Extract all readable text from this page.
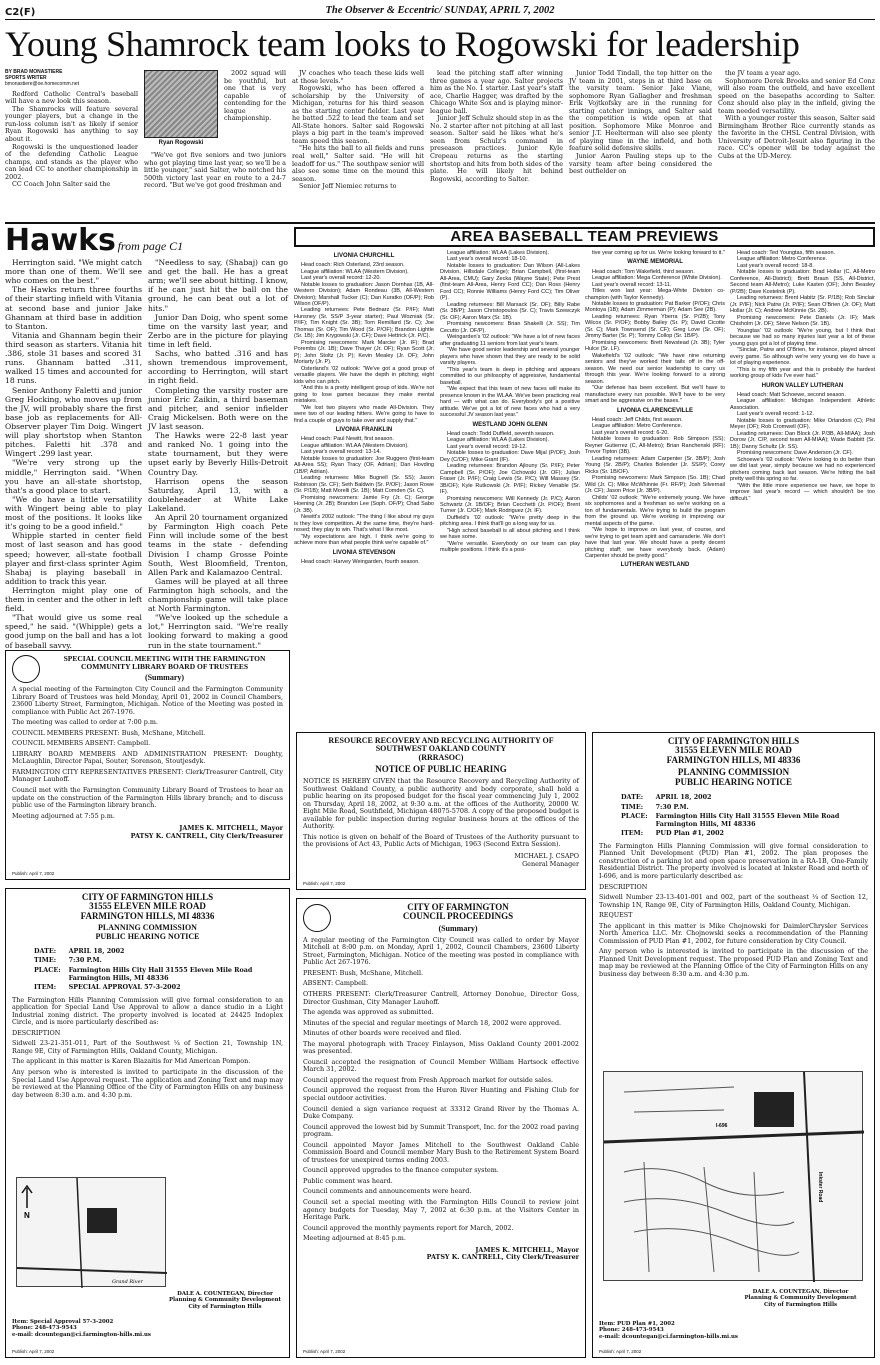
C2(F)	The Observer & Eccentric/ SUNDAY, APRIL 7, 2002
Young Shamrock team looks to Rogowski for leadership
BY BRAD MONASTIERE
SPORTS WRITER
bmonastiere@oe.homecomm.net

Redford Catholic Central's baseball will have a new look this season.

The Shamrocks will feature several younger players, but a change in the run-loss column isn't as likely if senior Ryan Rogowski has anything to say about it.

Rogowski is the unquestioned leader of the defending Catholic League champs, and stands as the player who can lead CC to another championship in 2002.

CC Coach John Salter said the

Ryan Rogowski

2002 squad will be youthful, but one that is very capable of contending for the league championship.

"We've got five seniors and two juniors who got playing time last year, so we'll be a little younger," said Salter, who notched his 500th victory last year en route to a 24-7 record. "But we've got good freshman and

JV coaches who teach these kids well at those levels."

Rogowski, who has been offered a scholarship by the University of Michigan, returns for his third season as the starting center fielder. Last year he batted .522 to lead the team and set All-State honors. Salter said Rogowski plays a big part in the team's improved team speed this season.

"He hits the ball to all fields and runs real well," Salter said. "He will hit leadoff for us." The southpaw senior will also see some time on the mound this season.

Senior Jeff Niemiec returns to

lead the pitching staff after winning three games a year ago. Salter projects him as the No. 1 starter. Last year's staff ace, Charlie Hagger, was drafted by the Chicago White Sox and is playing minor-league ball.

Junior Jeff Schulz should step in as the No. 2 starter after not pitching at all last season. Salter said he likes what he's seen from Schulz's command in preseason practices. Junior Kyle Crepeau returns as the starting shortstop and hits from both sides of the plate. He will likely hit behind Rogowski, according to Salter.

Junior Todd Tindall, the top hitter on the JV team in 2001, steps in at third base on the varsity team. Senior Jake Viane, sophomore Ryan Gallagher and freshman Erik Vojtkofsky are in the running for starting catcher innings, and Salter said the competition is wide open at that position. Sophomore Mike Monroe and senior J.T. Heelterman will also see plenty of playing time in the infield, and both feature solid defensive skills.

Junior Aaron Pauling steps up to the varsity team after being considered the best outfielder on

the JV team a year ago.

Sophomore Derek Brooks and senior Ed Conz will also roam the outfield, and have excellent speed on the basepaths according to Salter. Conz should also play in the infield, giving the team needed versatility.

With a younger roster this season, Salter said Birmingham Brother Rice currently stands as the favorite in the CHSL Central Division, with University of Detroit-Jesuit also figuring in the race. CC's opener will be today against the Cubs at the UD-Mercy.

Hawks from page C1

Herrington said. "We might catch more than one of them. We'll see who comes on the best."

The Hawks return three fourths of their starting infield with Vitania at second base and junior Jake Ghannam at third base in addition to Stanton.

Vitania and Ghannam begin their third season as starters. Vitania hit .386, stole 31 bases and scored 31 runs. Ghannam batted .311, walked 15 times and accounted for 18 runs.

Senior Anthony Faletti and junior Greg Hocking, who moves up from the JV, will probably share the first base job as replacements for All-Observer player Tim Doig. Wingert will play shortstop when Stanton pitches. Faletti hit .378 and Wingert .299 last year.

"We're very strong up the middle," Herrington said. "When you have an all-state shortstop, that's a good place to start.

"We do have a little versatility with Wingert being able to play most of the positions. It looks like it's going to be a good infield."

Whipple started in center field most of last season and has good speed; however, all-state football player and first-class sprinter Agim Shabaj is playing baseball in addition to track this year.

Herrington might play one of them in center and the other in left field.

"That would give us some real speed," he said. "(Whipple) gets a good jump on the ball and has a lot of baseball savvy.

"Needless to say, (Shabaj) can go and get the ball. He has a great arm; we'll see about hitting. I know, if he can just hit the ball on the ground, he can beat out a lot of hits."

Junior Dan Doig, who spent some time on the varsity last year, and Zerbo are in the picture for playing time in left field.

Sachs, who batted .316 and has shown tremendous improvement, according to Herrington, will start in right field.

Completing the varsity roster are junior Eric Zaikin, a third baseman and pitcher, and senior infielder Craig Mickelsen. Both were on the JV last season.

The Hawks were 22-8 last year and ranked No. 1 going into the state tournament, but they were upset early by Beverly Hills-Detroit Country Day.

Harrison opens the season Saturday, April 13, with a doubleheader at White Lake Lakeland.

An April 20 tournament organized by Farmington High coach Pete Finn will include some of the best teams in the state - defending Division I champ Grosse Pointe South, West Bloomfield, Trenton, Allen Park and Kalamazoo Central.

Games will be played at all three Farmington high schools, and the championship game will take place at North Farmington.

"We've looked up the schedule a lot," Herrington said. "We're really looking forward to making a good run in the state tournament."

AREA BASEBALL TEAM PREVIEWS
LIVONIA CHURCHILL

Head coach: Rich Osterland, 23rd season.

League affiliation: WLAA (Western Division).

Last year's overall record: 12-20.

Notable losses to graduation: Jason Dornhas (1B, All-Western Division); Adam Rondeau (3B, All-Western Division); Marshall Tucker (C); Dan Kuratko (OF/P); Rob Wilson (OF/P).

Leading returnees: Pete Bednarz (Sr. P/IF); Matt Hunsney (Sr. SS/P 3-year starter); Paul Wozniak (Sr. P/IF); Tim Knight (Sr. 3B); Tom Remillard (Sr. C); Joe Thomas (Sr. OF); Tim Wood (Sr. P/OF); Brandon Lightle (Sr. 1B); Jim Krygowski (Jr. CF); Dave Hettrick (Jr. P/C).

Promising newcomers: Mark Marcier (Jr. IF); Brad Porembs (Jr. 1B); Dave Thayer (Jr. OF); Ryan Scott (Jr. P); John Stoltz (Jr. P); Kevin Mealey (Jr. OF); John Moriarty (Jr. P).

Osterland's '02 outlook: "We've got a good group of versatile players. We have the depth in pitching; eight kids who can pitch.

"And this is a pretty intelligent group of kids. We're not going to lose games because they make mental mistakes.

"We lost two players who made All-Division. They were two of our leading hitters. We're going to have to find a couple of guys to take over and supply that."

LIVONIA FRANKLIN

Head coach: Paul Newitt, first season.

League affiliation: WLAA (Western Division).

Last year's overall record: 13-14.

Notable losses to graduation: Joe Ruggero (first-team All-Area SS); Ryan Tracy (OF, Adrian); Dan Hovding (1B/P, Adrian).

Leading returnees: Mike Bugnell (Sr. SS); Jason Robinson (Sr. CF); Seth Baldwin (Sr. P/OF); Jason Rowe (Sr. P/1B); Matt Morelli (Sr. 1B); Matt Comden (Sr. C).

Promising newcomers: Jamie Fry (Jr. C); George Hoening (Jr. 2B); Brandon Lee (Soph. OF/P); Chad Sabo (Jr. 3B).

Newitt's 2002 outlook: "The thing I like about my guys is they love competition. At the same time, they're hard-nosed; they play to win. That's what I like most.

"My expectations are high. I think we're going to achieve more than what people think we're capable of."

LIVONIA STEVENSON

Head coach: Harvey Weingarden, fourth season.

League affiliation: WLAA (Lakes Division).

Last year's overall record: 18-10.

Notable losses to graduation: Dan Wilson (All-Lakes Division, Hillsdale College); Brian Campbell, (first-team All-Area, CMU); Gary Zecka (Wayne State); Pete Prest (first-team All-Area, Henry Ford CC); Dan Ross (Henry Ford CC); Ronnie Williams (Henry Ford CC); Tim Oliver (P).

Leading returnees: Bill Marsack (Sr. OF); Billy Rabe (Sr. 3B/P); Jason Christopoulos (Sr. C); Travis Szewczyk (Sr. OF); Aaron Marx (Sr. 1B).

Promising newcomers: Brian Shakelli (Jr. SS); Tim Cecutto (Jr. OF/P).

Weingarden's '02 outlook: "We have a lot of new faces after graduating 11 seniors from last year's team.

"We have good senior leadership and several younger players who have shown that they are ready to be solid varsity players.

"This year's team is deep in pitching and appears committed to our philosophy of aggressive, fundamental baseball.

"We expect that this team of new faces will make its presence known in the WLAA. We've been practicing real hard — with what can do. Everybody's got a positive attitude. We've got a lot of new faces who had a very successful JV season last year."

WESTLAND JOHN GLENN

Head coach: Todd Duffield, seventh season.

League affiliation: WLAA (Lakes Division).

Last year's overall record: 19-12.

Notable losses to graduation: Dave Mijal (P/OF); Josh Dey (C/OF); Mike Grant (IF).

Leading returnees: Brandon Ajlouny (Sr. P/IF); Peter Campbell (Sr. P/OF); Joe Cichowski (Jr. OF); Julian Fraser (Jr. P/IF); Craig Lewis (Sr. P/C); Will Massey (Sr. 3B/OF); Kyle Rutkowski (Jr. P/IF); Rickey Venable (Sr. IF).

Promising newcomers: Will Kennedy (Jr. P/C); Aaron Schwartz (Jr. 1B/OF); Brian Cecchetti (Jr. P/OF); Brent Turner (Jr. C/OF); Mark Rodriguez (Jr. IF).

Duffield's '02 outlook: "We're pretty deep in the pitching area. I think that'll go a long way for us.

"High school baseball is all about pitching and I think we have some.

"We're versatile. Everybody on our team can play multiple positions. I think it's a posi-

tive year coming up for us. We're looking forward to it."

WAYNE MEMORIAL

Head coach: Tom Wakefield, third season.

League affiliation: Mega Conference (White Division).

Last year's overall record: 13-11.

Titles won last year: Mega-White Division co-champion (with Taylor Kennedy).

Notable losses to graduation: Pat Barker (P/OF); Chris Montoya (1B); Adam Zimmerman (P); Adam See (2B).

Leading returnees: Ryan Yberra (Sr. P/2B); Tony Wilcox (Sr. P/OF); Bobby Bailey (Sr. P); David Cicotte (Sr. C); Mark Townsend (Sr. CF); Greg Love (Sr. OF); Jimmy Barter (Sr. P); Tommy Collop (Sr. 1B/P).

Promising newcomers: Brett Newstead (Jr. 3B); Tyler Hulce (Sr. LF).

Wakefield's '02 outlook: "We have nine returning seniors and they've worked their tails off in the off-season. We need our senior leadership to carry us through this year. We're looking forward to a strong season.

"Our defense has been excellent. But we'll have to manufacture every run possible. We'll have to be very smart and be aggressive on the bases."

LIVONIA CLARENCEVILLE

Head coach: Jeff Childs, first season.

League affiliation: Metro Conference.

Last year's overall record: 6-20.

Notable losses to graduation: Rob Simpson (SS); Reyner Gutierrez (C, All-Metro); Brian Ranchenski (RF); Trevor Tipton (3B).

Leading returnees: Adam Carpenter (Sr. 3B/P); Josh Young (Sr. 2B/P); Charles Bolender (Jr. SS/P); Corey Ricks (Sr. 1B/OF).

Promising newcomers: Mark Simpson (So. 1B); Chad Wild (Jr. C); Mike McWhinnie (Fr. RF/P); Josh Silvernail (Jr. CF); Jason Price (Jr. 3B/P).

Childs' '02 outlook: "We're extremely young. We have six sophomores and a freshman so we're working on a ton of fundamentals. We're trying to build the program from the ground up. We're working in improving our mental aspects of the game.

"We hope to improve on last year, of course, and we're trying to get team spirit and camaraderie. We don't have that last year. We should have a pretty decent pitching staff; we have everybody back. (Adam) Carpenter should be pretty good."

LUTHERAN WESTLAND

Head coach: Ted Youngtas, fifth season.

League affiliation: Metro Conference.

Last year's overall record: 18-8.

Notable losses to graduation: Brad Hollar (C, All-Metro Conference, All-District); Brett Braun (SS, All-District, Second team All-Metro); Luke Kasten (OF); John Beasley (P/2B); Dave Kostelnik (P).

Leading returnees: Brent Habitz (Sr. P/1B); Rob Sinclair (Jr. P/IF); Nick Patrw (Jr. P/IF); Sean O'Brien (Jr. OF); Matt Hollar (Jr. C); Andrew McKinnie (Sr. 2B).

Promising newcomers: Pete Daniels (Jr. IF); Mark Chisholm (Jr. OF); Steve Nelson (Sr. 1B).

Youngtas' '02 outlook: "We're young, but I think that because we had so many injuries last year a lot of these young guys got a lot of playing time.

"Sinclair, Patrw and O'Brien, for instance, played almost every game. So although we're very young we do have a lot of playing experience.

"This is my fifth year and this is probably the hardest working group of kids I've ever had."

HURON VALLEY LUTHERAN

Head coach: Matt Schoewe, second season.

League affiliation: Michigan Independent Athletic Association.

Last year's overall record: 1-12.

Notable losses to graduation: Mike Orlandoni (C); Phil Meyer (OF); Rob Cromwell (OF).

Leading returnees: Dan Block (Jr. P/3B, All-MIAA); Josh Dorow (Jr. C/P, second team All-MIAA); Wade Babbitt (Sr. 1B); Danny Schultz (Jr. SS).

Promising newcomers: Dave Anderson (Jr. CF).

Schoewe's '02 outlook: "We're looking to do better than we did last year, simply because we had no experienced pitchers coming back last season. We're hitting the ball pretty well this spring so far.

"With the little more experience we have, we hope to improve last year's record — which shouldn't be too difficult."

SPECIAL COUNCIL MEETING WITH THE FARMINGTON COMMUNITY LIBRARY BOARD OF TRUSTEES
(Summary)

A special meeting of the Farmington City Council and the Farmington Community Library Board of Trustees was held Monday, April 01, 2002 in Council Chambers, 23600 Liberty Street, Farmington, Michigan. Notice of the Meeting was posted in compliance with Public Act 267-1976.

The meeting was called to order at 7:00 p.m.

COUNCIL MEMBERS PRESENT: Bush, McShane, Mitchell.

COUNCIL MEMBERS ABSENT: Campbell.

LIBRARY BOARD MEMBERS AND ADMINISTRATION PRESENT: Doughty, McLaughlin, Director Papai, Souter, Sorenson, Stoutjesdyk.

FARMINGTON CITY REPRESENTATIVES PRESENT: Clerk/Treasurer Cantrell, City Manager Lauhoff.

Council met with the Farmington Community Library Board of Trustees to hear an update on the construction of the Farmington Hills library branch; and to discuss public use of the Farmington library branch.

Meeting adjourned at 7:55 p.m.

JAMES K. MITCHELL, Mayor
PATSY K. CANTRELL, City Clerk/Treasurer
Publish: April 7, 2002
CITY OF FARMINGTON HILLS
31555 ELEVEN MILE ROAD
FARMINGTON HILLS, MI 48336
PLANNING COMMISSION
PUBLIC HEARING NOTICE
DATE:	APRIL 18, 2002
TIME:	7:30 P.M.
PLACE:	Farmington Hills City Hall 31555 Eleven Mile Road Farmington Hills, MI 48336
ITEM:	SPECIAL APPROVAL 57-3-2002

The Farmington Hills Planning Commission will give formal consideration to an application for Special Land Use Approval to allow a dance studio in a Light Industrial zoning district. The property involved is located at 24425 Indoplex Circle, and is more particularly described as:

DESCRIPTION

Sidwell 23-21-351-011, Part of the Southwest ¼ of Section 21, Township 1N, Range 9E, City of Farmington Hills, Oakland County, Michigan.

The applicant in this matter is Karen Blazaitis for Mid American Pompon.

Any person who is interested is invited to participate in the discussion of the Special Land Use Approval request. The application and Zoning Text and map may be reviewed at the Planning Office of the City of Farmington Hills on any business day between 8:30 a.m. and 4:30 p.m.

N
Grand River
DALE A. COUNTEGAN, Director
Planning & Community Development
City of Farmington Hills
Item: Special Approval 57-3-2002
Phone: 248-473-9543
e-mail: dcountegan@ci.farmington-hills.mi.us
Publish: April 7, 2002
RESOURCE RECOVERY AND RECYCLING AUTHORITY OF SOUTHWEST OAKLAND COUNTY
(RRRASOC)
NOTICE OF PUBLIC HEARING

NOTICE IS HEREBY GIVEN that the Resource Recovery and Recycling Authority of Southwest Oakland County, a public authority and body corporate, shall hold a public hearing on its proposed budget for the fiscal year commencing July 1, 2002 on Thursday, April 18, 2002, at 9:30 a.m. at the offices of the Authority, 20000 W. Eight Mile Road, Southfield, Michigan 48075-5708. A copy of the proposed budget is available for public inspection during regular business hours at the offices of the Authority.

This notice is given on behalf of the Board of Trustees of the Authority pursuant to the provisions of Act 43, Public Acts of Michigan, 1963 (Second Extra Session).

MICHAEL J. CSAPO
General Manager
Publish: April 7, 2002
CITY OF FARMINGTON
COUNCIL PROCEEDINGS
(Summary)

A regular meeting of the Farmington City Council was called to order by Mayor Mitchell at 8:00 p.m. on Monday, April 1, 2002, Council Chambers, 23600 Liberty Street, Farmington, Michigan. Notice of the meeting was posted in compliance with Public Act 267-1976.

PRESENT: Bush, McShane, Mitchell.

ABSENT: Campbell.

OTHERS PRESENT: Clerk/Treasurer Cantrell, Attorney Donohue, Director Goss, Director Gushman, City Manager Lauhoff.

The agenda was approved as submitted.

Minutes of the special and regular meetings of March 18, 2002 were approved.

Minutes of other boards were received and filed.

The mayoral photograph with Tracey Finlayson, Miss Oakland County 2001-2002 was presented.

Council accepted the resignation of Council Member William Hartsock effective March 31, 2002.

Council approved the request from Fresh Approach market for outside sales.

Council approved the request from the Huron River Hunting and Fishing Club for special outdoor activities.

Council denied a sign variance request at 33312 Grand River by the Thomas A. Duke Company.

Council approved the lowest bid by Summit Transport, Inc. for the 2002 road paving program.

Council appointed Mayor James Mitchell to the Southwest Oakland Cable Commission Board and Council member Mary Bush to the Retirement System Board of trustees for unexpired terms ending 2003.

Council approved upgrades to the finance computer system.

Public comment was heard.

Council comments and announcements were heard.

Council set a special meeting with the Farmington Hills Council to review joint agency budgets for Tuesday, May 7, 2002 at 6:30 p.m. at the Visitors Center in Heritage Park.

Council approved the monthly payments report for March, 2002.

Meeting adjourned at 8:45 p.m.

JAMES K. MITCHELL, Mayor
PATSY K. CANTRELL, City Clerk/Treasurer
Publish: April 7, 2002
CITY OF FARMINGTON HILLS
31555 ELEVEN MILE ROAD
FARMINGTON HILLS, MI 48336
PLANNING COMMISSION
PUBLIC HEARING NOTICE
DATE:	APRIL 18, 2002
TIME:	7:30 P.M.
PLACE:	Farmington Hills City Hall 31555 Eleven Mile Road Farmington Hills, MI 48336
ITEM:	PUD Plan #1, 2002

The Farmington Hills Planning Commission will give formal consideration to Planned Unit Development (PUD) Plan #1, 2002. The plan proposes the construction of a parking lot and open space preservation in a RA-1B, One-Family Residential District. The property involved is located at Inkster Road and north of I-696, and is more particularly described as:

DESCRIPTION

Sidwell Number 23-13-401-001 and 002, part of the southeast ¼ of Section 12, Township 1N, Range 9E, City of Farmington Hills, Oakland County, Michigan.

REQUEST

The applicant in this matter is Mike Chojnowski for DaimlerChrysler Services North America LLC. Mr. Chojnowski seeks a recommendation of the Planning Commission of PUD Plan #1, 2002, for future consideration by City Council.

Any person who is interested is invited to participate in the discussion of the Planned Unit Development request. The proposed PUD Plan and Zoning Text and map may be reviewed at the Planning Office of the City of Farmington Hills on any business day between 8:30 a.m. and 4:30 p.m.

I-696
Inkster Road
DALE A. COUNTEGAN, Director
Planning & Community Development
City of Farmington Hills
Item: PUD Plan #1, 2002
Phone: 248-473-9543
e-mail: dcountegan@ci.farmington-hills.mi.us
Publish: April 7, 2002
